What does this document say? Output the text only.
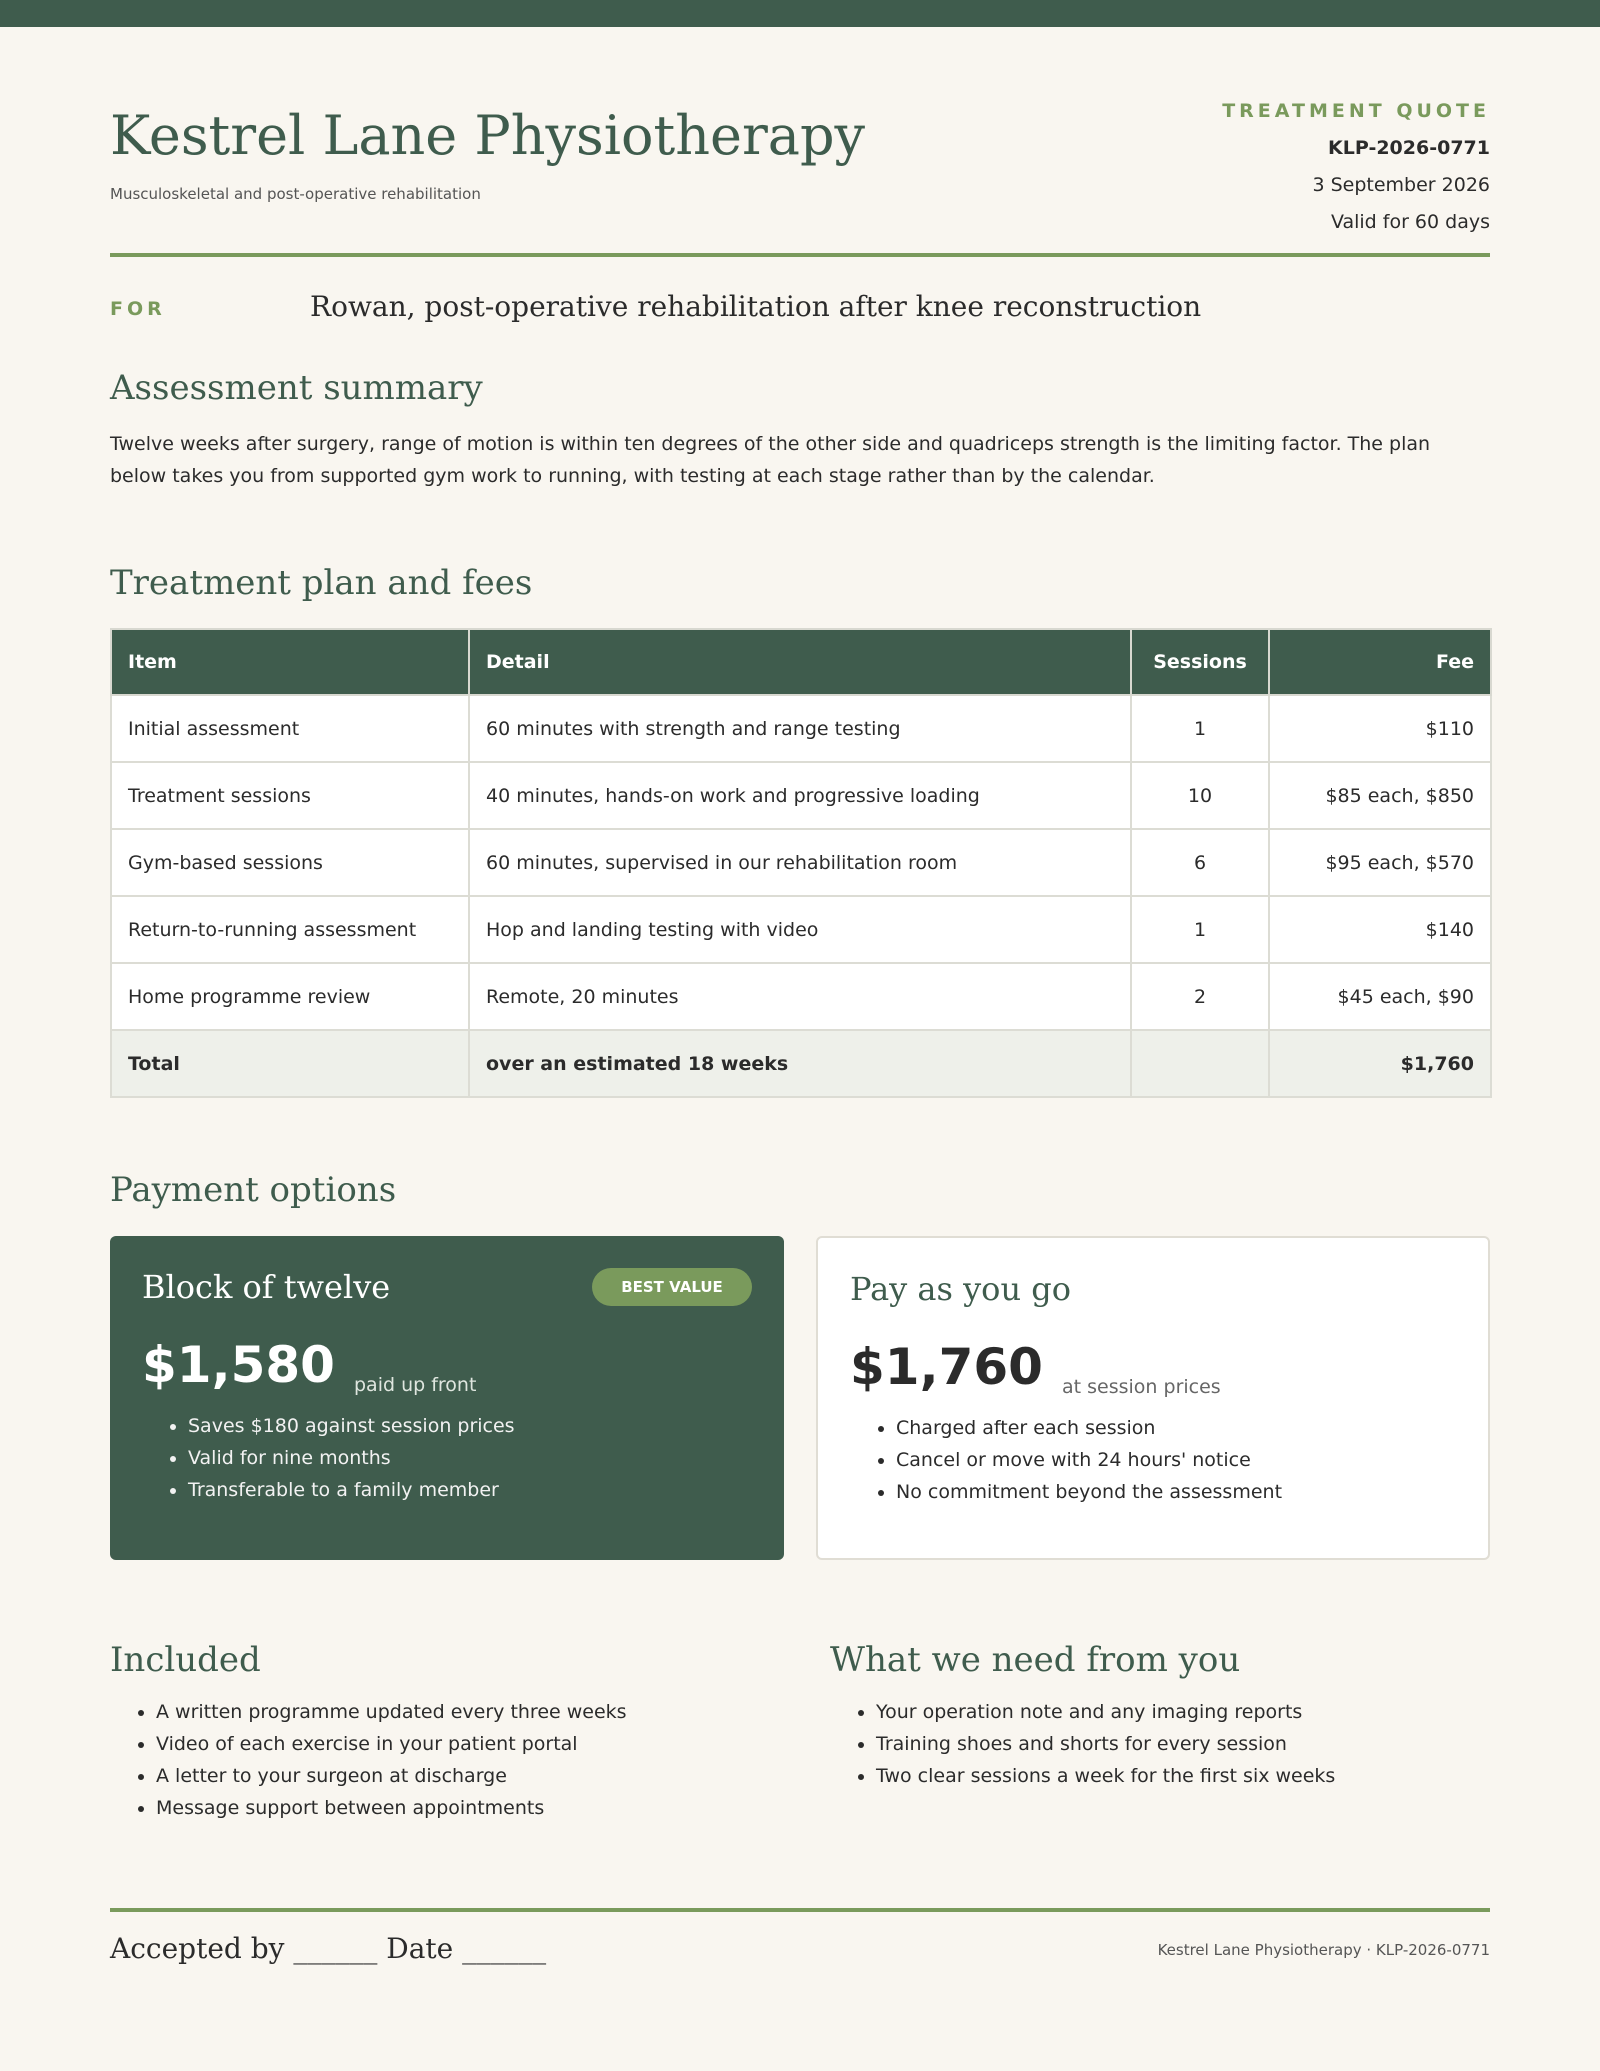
Kestrel Lane Physiotherapy
Musculoskeletal and post-operative rehabilitation
TREATMENT QUOTE
KLP-2026-0771
3 September 2026
Valid for 60 days
FOR	Rowan, post-operative rehabilitation after knee reconstruction
Assessment summary

Twelve weeks after surgery, range of motion is within ten degrees of the other side and quadriceps strength is the limiting factor. The plan below takes you from supported gym work to running, with testing at each stage rather than by the calendar.

Treatment plan and fees
Item	Detail	Sessions	Fee
Initial assessment	60 minutes with strength and range testing	1	$110
Treatment sessions	40 minutes, hands-on work and progressive loading	10	$85 each, $850
Gym-based sessions	60 minutes, supervised in our rehabilitation room	6	$95 each, $570
Return-to-running assessment	Hop and landing testing with video	1	$140
Home programme review	Remote, 20 minutes	2	$45 each, $90
Total	over an estimated 18 weeks		$1,760
Payment options
Block of twelve	BEST VALUE
$1,580 paid up front
• Saves $180 against session prices
• Valid for nine months
• Transferable to a family member
Pay as you go
$1,760 at session prices
• Charged after each session
• Cancel or move with 24 hours' notice
• No commitment beyond the assessment
Included
• A written programme updated every three weeks
• Video of each exercise in your patient portal
• A letter to your surgeon at discharge
• Message support between appointments
What we need from you
• Your operation note and any imaging reports
• Training shoes and shorts for every session
• Two clear sessions a week for the first six weeks
Accepted by ______ Date ______	Kestrel Lane Physiotherapy · KLP-2026-0771
